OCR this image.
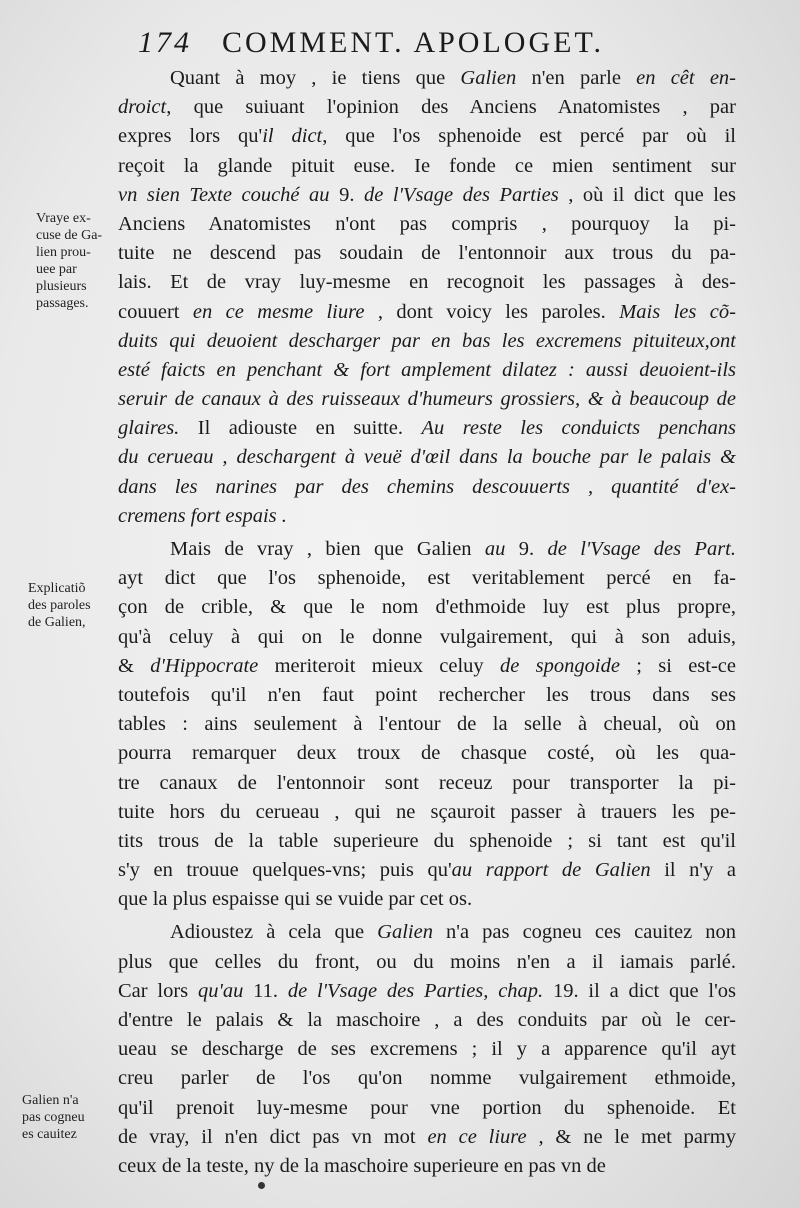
174 COMMENT. APOLOGET.
Quant à moy , ie tiens que Galien n'en parle en cêt en-
droict, que suiuant l'opinion des Anciens Anatomistes , par
expres lors qu'il dict, que l'os sphenoide est percé par où il
reçoit la glande pituit euse. Ie fonde ce mien sentiment sur
vn sien Texte couché au 9. de l'Vsage des Parties , où il dict que les
Anciens Anatomistes n'ont pas compris , pourquoy la pi-
tuite ne descend pas soudain de l'entonnoir aux trous du pa-
lais. Et de vray luy-mesme en recognoit les passages à des-
couuert en ce mesme liure , dont voicy les paroles. Mais les cõ-
duits qui deuoient descharger par en bas les excremens pituiteux,ont
esté faicts en penchant & fort amplement dilatez : aussi deuoient-ils
seruir de canaux à des ruisseaux d'humeurs grossiers, & à beaucoup de
glaires. Il adiouste en suitte. Au reste les conduicts penchans
du cerueau , deschargent à veuë d'œil dans la bouche par le palais &
dans les narines par des chemins descouuerts , quantité d'ex-
cremens fort espais .
Mais de vray , bien que Galien au 9. de l'Vsage des Part.
ayt dict que l'os sphenoide, est veritablement percé en fa-
çon de crible, & que le nom d'ethmoide luy est plus propre,
qu'à celuy à qui on le donne vulgairement, qui à son aduis,
& d'Hippocrate meriteroit mieux celuy de spongoide ; si est-ce
toutefois qu'il n'en faut point rechercher les trous dans ses
tables : ains seulement à l'entour de la selle à cheual, où on
pourra remarquer deux troux de chasque costé, où les qua-
tre canaux de l'entonnoir sont receuz pour transporter la pi-
tuite hors du cerueau , qui ne sçauroit passer à trauers les pe-
tits trous de la table superieure du sphenoide ; si tant est qu'il
s'y en trouue quelques-vns; puis qu'au rapport de Galien il n'y a
que la plus espaisse qui se vuide par cet os.
Adioustez à cela que Galien n'a pas cogneu ces cauitez non
plus que celles du front, ou du moins n'en a il iamais parlé.
Car lors qu'au 11. de l'Vsage des Parties, chap. 19. il a dict que l'os
d'entre le palais & la maschoire , a des conduits par où le cer-
ueau se descharge de ses excremens ; il y a apparence qu'il ayt
creu parler de l'os qu'on nomme vulgairement ethmoide,
qu'il prenoit luy-mesme pour vne portion du sphenoide. Et
de vray, il n'en dict pas vn mot en ce liure , & ne le met parmy
ceux de la teste, ny de la maschoire superieure en pas vn de
Vraye ex-
cuse de Ga-
lien prou-
uee par
plusieurs
passages.
Explicatiõ
des paroles
de Galien,
Galien n'a
pas cogneu
es cauitez
